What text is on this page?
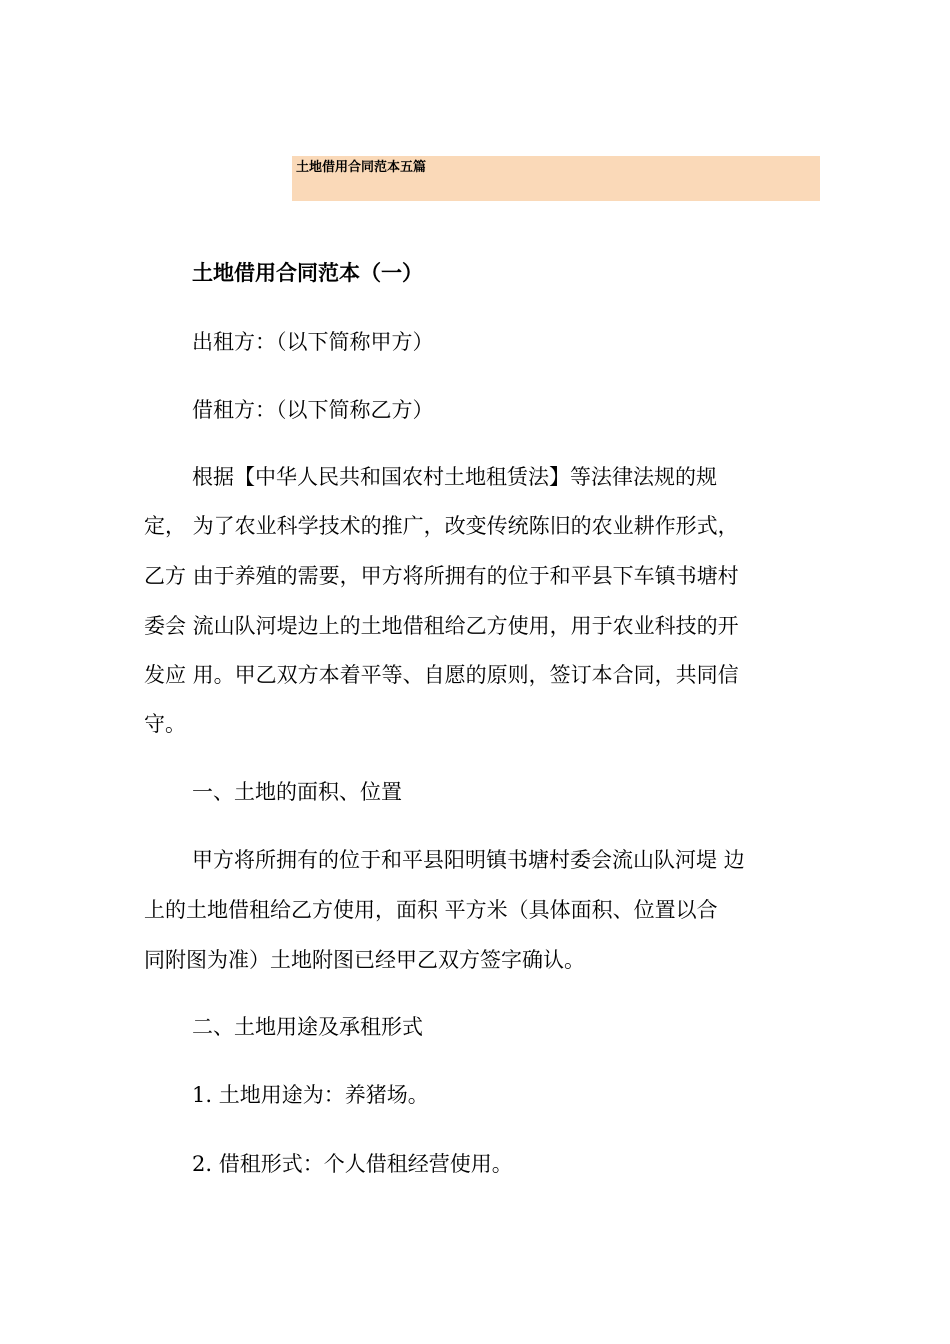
土地借用合同范本五篇
土地借用合同范本（一）
出租方：（以下简称甲方）
借租方：（以下简称乙方）
根据【中华人民共和国农村土地租赁法】等法律法规的规
定， 为了农业科学技术的推广，改变传统陈旧的农业耕作形式，
乙方 由于养殖的需要，甲方将所拥有的位于和平县下车镇书塘村
委会 流山队河堤边上的土地借租给乙方使用，用于农业科技的开
发应 用。甲乙双方本着平等、自愿的原则，签订本合同，共同信
守。
一、土地的面积、位置
甲方将所拥有的位于和平县阳明镇书塘村委会流山队河堤 边
上的土地借租给乙方使用，面积 平方米（具体面积、位置以合
同附图为准）土地附图已经甲乙双方签字确认。
二、土地用途及承租形式
1. 土地用途为：养猪场。
2. 借租形式：个人借租经营使用。
